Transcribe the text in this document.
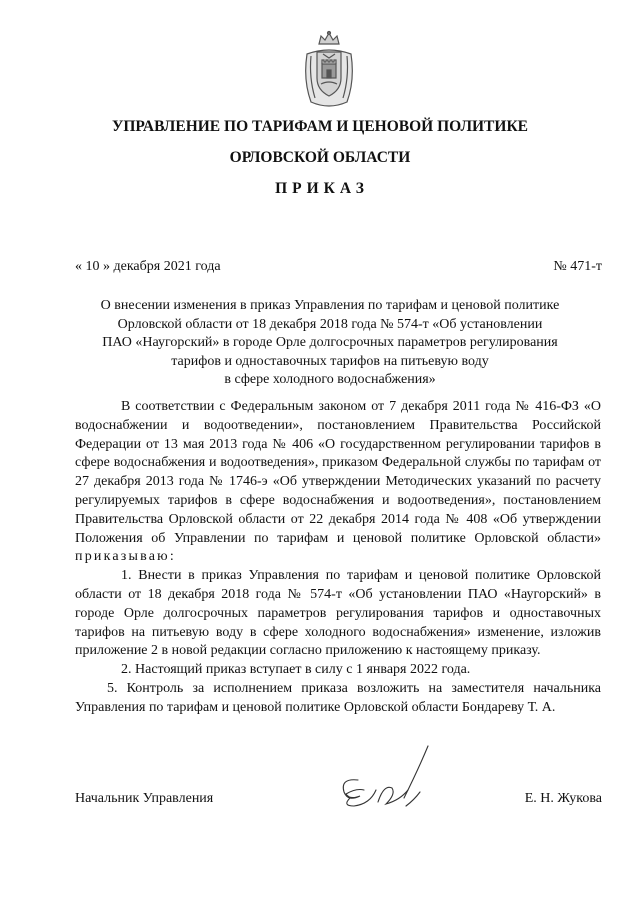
УПРАВЛЕНИЕ ПО ТАРИФАМ И ЦЕНОВОЙ ПОЛИТИКЕ
ОРЛОВСКОЙ ОБЛАСТИ
ПРИКАЗ
« 10 » декабря 2021 года	№ 471-т
О внесении изменения в приказ Управления по тарифам и ценовой политике
Орловской области от 18 декабря 2018 года № 574-т «Об установлении
ПАО «Наугорский» в городе Орле долгосрочных параметров регулирования
тарифов и одноставочных тарифов на питьевую воду
в сфере холодного водоснабжения»

В соответствии с Федеральным законом от 7 декабря 2011 года № 416-ФЗ «О водоснабжении и водоотведении», постановлением Правительства Российской Федерации от 13 мая 2013 года № 406 «О государственном регулировании тарифов в сфере водоснабжения и водоотведения», приказом Федеральной службы по тарифам от 27 декабря 2013 года № 1746-э «Об утверждении Методических указаний по расчету регулируемых тарифов в сфере водоснабжения и водоотведения», постановлением Правительства Орловской области от 22 декабря 2014 года № 408 «Об утверждении Положения об Управлении по тарифам и ценовой политике Орловской области» приказываю:

1. Внести в приказ Управления по тарифам и ценовой политике Орловской области от 18 декабря 2018 года № 574-т «Об установлении ПАО «Наугорский» в городе Орле долгосрочных параметров регулирования тарифов и одноставочных тарифов на питьевую воду в сфере холодного водоснабжения» изменение, изложив приложение 2 в новой редакции согласно приложению к настоящему приказу.

2. Настоящий приказ вступает в силу с 1 января 2022 года.

5. Контроль за исполнением приказа возложить на заместителя начальника Управления по тарифам и ценовой политике Орловской области Бондареву Т. А.

Начальник Управления	Е. Н. Жукова
